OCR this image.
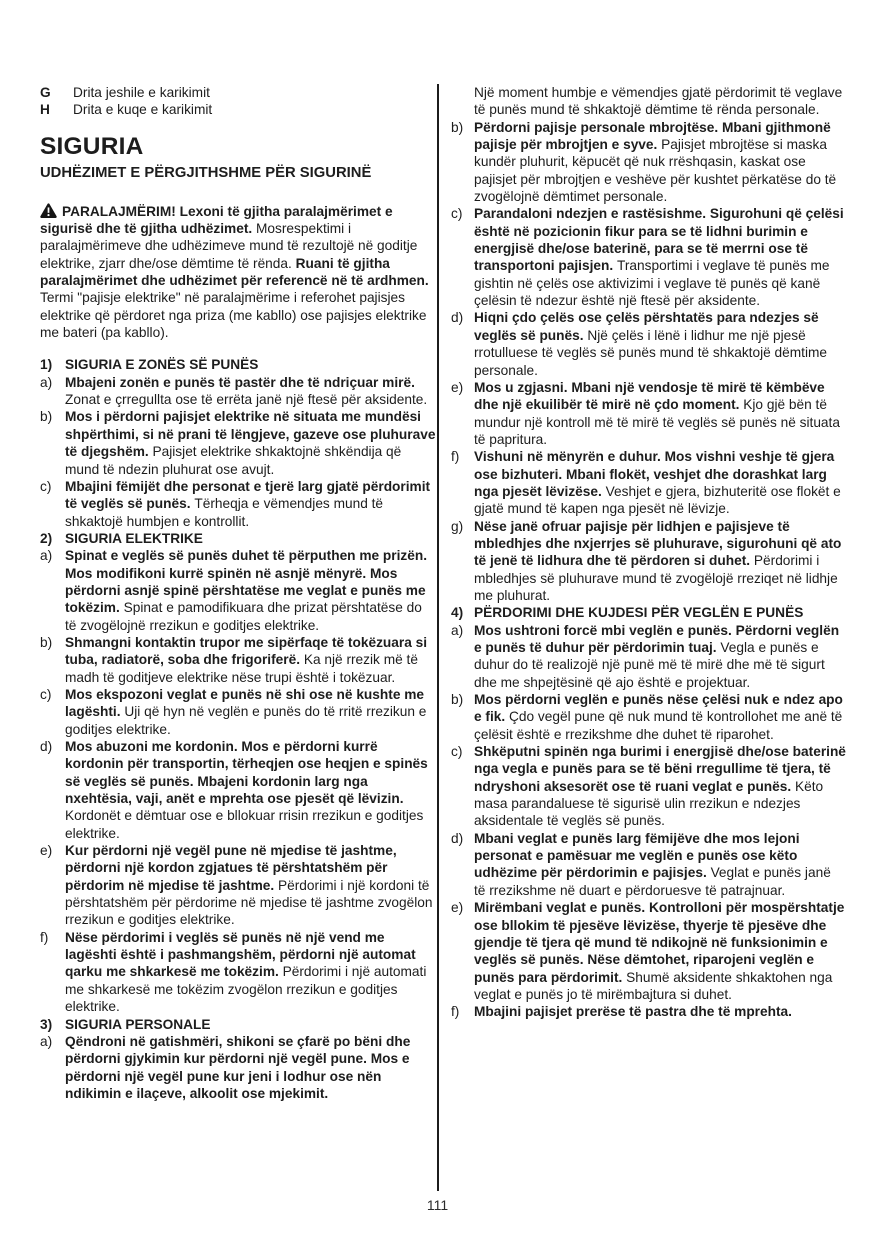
G	Drita jeshile e karikimit
H	Drita e kuqe e karikimit
SIGURIA
UDHËZIMET E PËRGJITHSHME PËR SIGURINË
PARALAJMËRIM! Lexoni të gjitha paralajmërimet e sigurisë dhe të gjitha udhëzimet. Mosrespektimi i paralajmërimeve dhe udhëzimeve mund të rezultojë në goditje elektrike, zjarr dhe/ose dëmtime të rënda. Ruani të gjitha paralajmërimet dhe udhëzimet për referencë në të ardhmen. Termi "pajisje elektrike" në paralajmërime i referohet pajisjes elektrike që përdoret nga priza (me kabllo) ose pajisjes elektrike me bateri (pa kabllo).
1) SIGURIA E ZONËS SË PUNËS
a) Mbajeni zonën e punës të pastër dhe të ndriçuar mirë. Zonat e çrregullta ose të errëta janë një ftesë për aksidente.
b) Mos i përdorni pajisjet elektrike në situata me mundësi shpërthimi, si në prani të lëngjeve, gazeve ose pluhurave të djegshëm. Pajisjet elektrike shkaktojnë shkëndija që mund të ndezin pluhurat ose avujt.
c) Mbajini fëmijët dhe personat e tjerë larg gjatë përdorimit të veglës së punës. Tërheqja e vëmendjes mund të shkaktojë humbjen e kontrollit.
2) SIGURIA ELEKTRIKE
a) Spinat e veglës së punës duhet të përputhen me prizën. Mos modifikoni kurrë spinën në asnjë mënyrë. Mos përdorni asnjë spinë përshtatëse me veglat e punës me tokëzim. Spinat e pamodifikuara dhe prizat përshtatëse do të zvogëlojnë rrezikun e goditjes elektrike.
b) Shmangni kontaktin trupor me sipërfaqe të tokëzuara si tuba, radiatorë, soba dhe frigoriferë. Ka një rrezik më të madh të goditjeve elektrike nëse trupi është i tokëzuar.
c) Mos ekspozoni veglat e punës në shi ose në kushte me lagështi. Uji që hyn në veglën e punës do të rritë rrezikun e goditjes elektrike.
d) Mos abuzoni me kordonin. Mos e përdorni kurrë kordonin për transportin, tërheqjen ose heqjen e spinës së veglës së punës. Mbajeni kordonin larg nga nxehtësia, vaji, anët e mprehta ose pjesët që lëvizin. Kordonët e dëmtuar ose e bllokuar rrisin rrezikun e goditjes elektrike.
e) Kur përdorni një vegël pune në mjedise të jashtme, përdorni një kordon zgjatues të përshtatshëm për përdorim në mjedise të jashtme. Përdorimi i një kordoni të përshtatshëm për përdorime në mjedise të jashtme zvogëlon rrezikun e goditjes elektrike.
f)	Nëse përdorimi i veglës së punës në një vend me lagështi është i pashmangshëm, përdorni një automat qarku me shkarkesë me tokëzim. Përdorimi i një automati me shkarkesë me tokëzim zvogëlon rrezikun e goditjes elektrike.
3) SIGURIA PERSONALE
a) Qëndroni në gatishmëri, shikoni se çfarë po bëni dhe përdorni gjykimin kur përdorni një vegël pune. Mos e përdorni një vegël pune kur jeni i lodhur ose nën ndikimin e ilaçeve, alkoolit ose mjekimit.
Një moment humbje e vëmendjes gjatë përdorimit të veglave të punës mund të shkaktojë dëmtime të rënda personale.
b) Përdorni pajisje personale mbrojtëse. Mbani gjithmonë pajisje për mbrojtjen e syve. Pajisjet mbrojtëse si maska kundër pluhurit, këpucët që nuk rrëshqasin, kaskat ose pajisjet për mbrojtjen e veshëve për kushtet përkatëse do të zvogëlojnë dëmtimet personale.
c) Parandaloni ndezjen e rastësishme. Sigurohuni që çelësi është në pozicionin fikur para se të lidhni burimin e energjisë dhe/ose baterinë, para se të merrni ose të transportoni pajisjen. Transportimi i veglave të punës me gishtin në çelës ose aktivizimi i veglave të punës që kanë çelësin të ndezur është një ftesë për aksidente.
d) Hiqni çdo çelës ose çelës përshtatës para ndezjes së veglës së punës. Një çelës i lënë i lidhur me një pjesë rrotulluese të veglës së punës mund të shkaktojë dëmtime personale.
e) Mos u zgjasni. Mbani një vendosje të mirë të këmbëve dhe një ekuilibër të mirë në çdo moment. Kjo gjë bën të mundur një kontroll më të mirë të veglës së punës në situata të papritura.
f)	Vishuni në mënyrën e duhur. Mos vishni veshje të gjera ose bizhuteri. Mbani flokët, veshjet dhe dorashkat larg nga pjesët lëvizëse. Veshjet e gjera, bizhuteritë ose flokët e gjatë mund të kapen nga pjesët në lëvizje.
g) Nëse janë ofruar pajisje për lidhjen e pajisjeve të mbledhjes dhe nxjerrjes së pluhurave, sigurohuni që ato të jenë të lidhura dhe të përdoren si duhet. Përdorimi i mbledhjes së pluhurave mund të zvogëlojë rreziqet në lidhje me pluhurat.
4) PËRDORIMI DHE KUJDESI PËR VEGLËN E PUNËS
a) Mos ushtroni forcë mbi veglën e punës. Përdorni veglën e punës të duhur për përdorimin tuaj. Vegla e punës e duhur do të realizojë një punë më të mirë dhe më të sigurt dhe me shpejtësinë që ajo është e projektuar.
b) Mos përdorni veglën e punës nëse çelësi nuk e ndez apo e fik. Çdo vegël pune që nuk mund të kontrollohet me anë të çelësit është e rrezikshme dhe duhet të riparohet.
c) Shkëputni spinën nga burimi i energjisë dhe/ose baterinë nga vegla e punës para se të bëni rregullime të tjera, të ndryshoni aksesorët ose të ruani veglat e punës. Këto masa parandaluese të sigurisë ulin rrezikun e ndezjes aksidentale të veglës së punës.
d) Mbani veglat e punës larg fëmijëve dhe mos lejoni personat e pamësuar me veglën e punës ose këto udhëzime për përdorimin e pajisjes. Veglat e punës janë të rrezikshme në duart e përdoruesve të patrajnuar.
e) Mirëmbani veglat e punës. Kontrolloni për mospërshtatje ose bllokim të pjesëve lëvizëse, thyerje të pjesëve dhe gjendje të tjera që mund të ndikojnë në funksionimin e veglës së punës. Nëse dëmtohet, riparojeni veglën e punës para përdorimit. Shumë aksidente shkaktohen nga veglat e punës jo të mirëmbajtura si duhet.
f)	Mbajini pajisjet prerëse të pastra dhe të mprehta.
111
